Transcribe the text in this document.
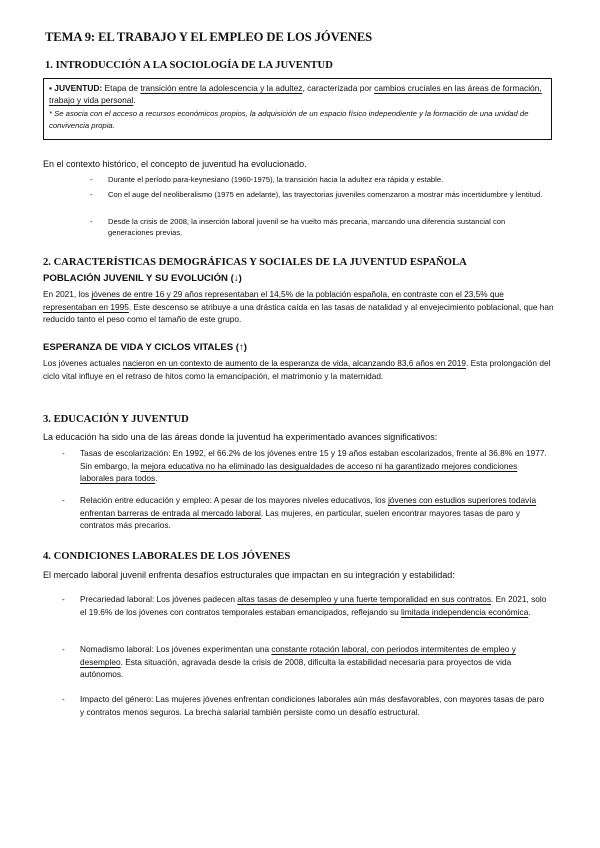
TEMA 9: EL TRABAJO Y EL EMPLEO DE LOS JÓVENES
1. INTRODUCCIÓN A LA SOCIOLOGÍA DE LA JUVENTUD
▪ JUVENTUD: Etapa de transición entre la adolescencia y la adultez, caracterizada por cambios cruciales en las áreas de formación, trabajo y vida personal.
* Se asocia con el acceso a recursos económicos propios, la adquisición de un espacio físico independiente y la formación de una unidad de convivencia propia.
En el contexto histórico, el concepto de juventud ha evolucionado.
- Durante el período para-keynesiano (1960-1975), la transición hacia la adultez era rápida y estable.
- Con el auge del neoliberalismo (1975 en adelante), las trayectorias juveniles comenzaron a mostrar más incertidumbre y lentitud.
- Desde la crisis de 2008, la inserción laboral juvenil se ha vuelto más precaria, marcando una diferencia sustancial con generaciones previas.
2. CARACTERÍSTICAS DEMOGRÁFICAS Y SOCIALES DE LA JUVENTUD ESPAÑOLA
POBLACIÓN JUVENIL Y SU EVOLUCIÓN (↓)
En 2021, los jóvenes de entre 16 y 29 años representaban el 14,5% de la población española, en contraste con el 23,5% que representaban en 1995. Este descenso se atribuye a una drástica caída en las tasas de natalidad y al envejecimiento poblacional, que han reducido tanto el peso como el tamaño de este grupo.
ESPERANZA DE VIDA Y CICLOS VITALES (↑)
Los jóvenes actuales nacieron en un contexto de aumento de la esperanza de vida, alcanzando 83,6 años en 2019. Esta prolongación del ciclo vital influye en el retraso de hitos como la emancipación, el matrimonio y la maternidad.
3. EDUCACIÓN Y JUVENTUD
La educación ha sido una de las áreas donde la juventud ha experimentado avances significativos:
- Tasas de escolarización: En 1992, el 66.2% de los jóvenes entre 15 y 19 años estaban escolarizados, frente al 36.8% en 1977. Sin embargo, la mejora educativa no ha eliminado las desigualdades de acceso ni ha garantizado mejores condiciones laborales para todos.
- Relación entre educación y empleo: A pesar de los mayores niveles educativos, los jóvenes con estudios superiores todavía enfrentan barreras de entrada al mercado laboral. Las mujeres, en particular, suelen encontrar mayores tasas de paro y contratos más precarios.
4. CONDICIONES LABORALES DE LOS JÓVENES
El mercado laboral juvenil enfrenta desafíos estructurales que impactan en su integración y estabilidad:
- Precariedad laboral: Los jóvenes padecen altas tasas de desempleo y una fuerte temporalidad en sus contratos. En 2021, solo el 19.6% de los jóvenes con contratos temporales estaban emancipados, reflejando su limitada independencia económica.
- Nomadismo laboral: Los jóvenes experimentan una constante rotación laboral, con periodos intermitentes de empleo y desempleo. Esta situación, agravada desde la crisis de 2008, dificulta la estabilidad necesaria para proyectos de vida autónomos.
- Impacto del género: Las mujeres jóvenes enfrentan condiciones laborales aún más desfavorables, con mayores tasas de paro y contratos menos seguros. La brecha salarial también persiste como un desafío estructural.
